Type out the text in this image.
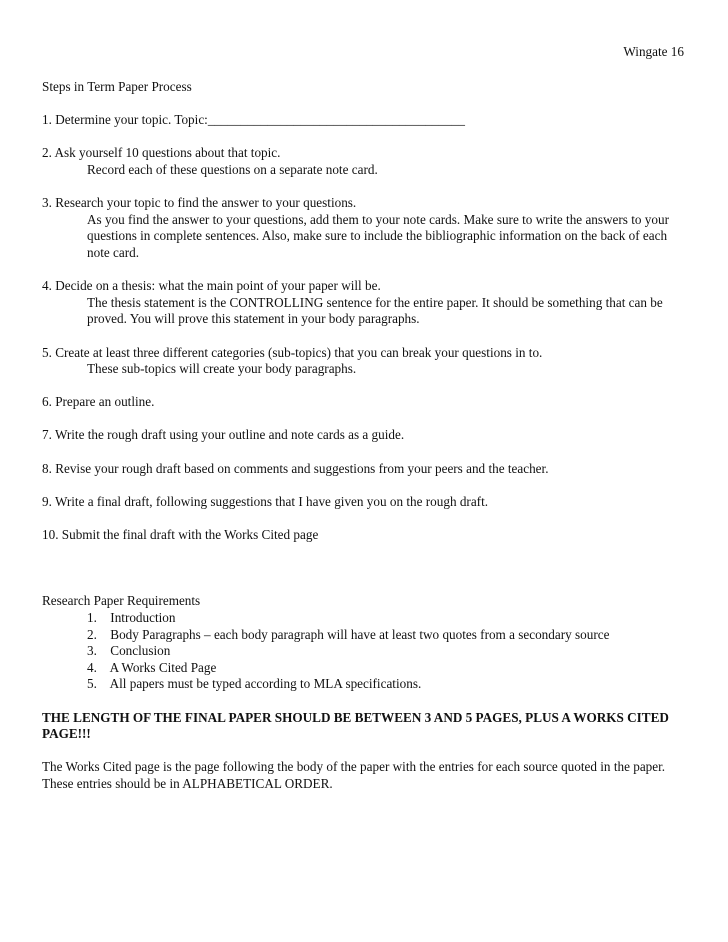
Wingate 16

Steps in Term Paper Process

1. Determine your topic. Topic:_______________________________________

2. Ask yourself 10 questions about that topic.

Record each of these questions on a separate note card.

3. Research your topic to find the answer to your questions.

As you find the answer to your questions, add them to your note cards. Make sure to write the answers to your questions in complete sentences. Also, make sure to include the bibliographic information on the back of each note card.

4. Decide on a thesis: what the main point of your paper will be.

The thesis statement is the CONTROLLING sentence for the entire paper. It should be something that can be proved. You will prove this statement in your body paragraphs.

5. Create at least three different categories (sub-topics) that you can break your questions in to.

These sub-topics will create your body paragraphs.

6. Prepare an outline.

7. Write the rough draft using your outline and note cards as a guide.

8. Revise your rough draft based on comments and suggestions from your peers and the teacher.

9. Write a final draft, following suggestions that I have given you on the rough draft.

10. Submit the final draft with the Works Cited page

Research Paper Requirements

1. Introduction
2. Body Paragraphs – each body paragraph will have at least two quotes from a secondary source
3. Conclusion
4. A Works Cited Page
5. All papers must be typed according to MLA specifications.

THE LENGTH OF THE FINAL PAPER SHOULD BE BETWEEN 3 AND 5 PAGES, PLUS A WORKS CITED PAGE!!!

The Works Cited page is the page following the body of the paper with the entries for each source quoted in the paper. These entries should be in ALPHABETICAL ORDER.
